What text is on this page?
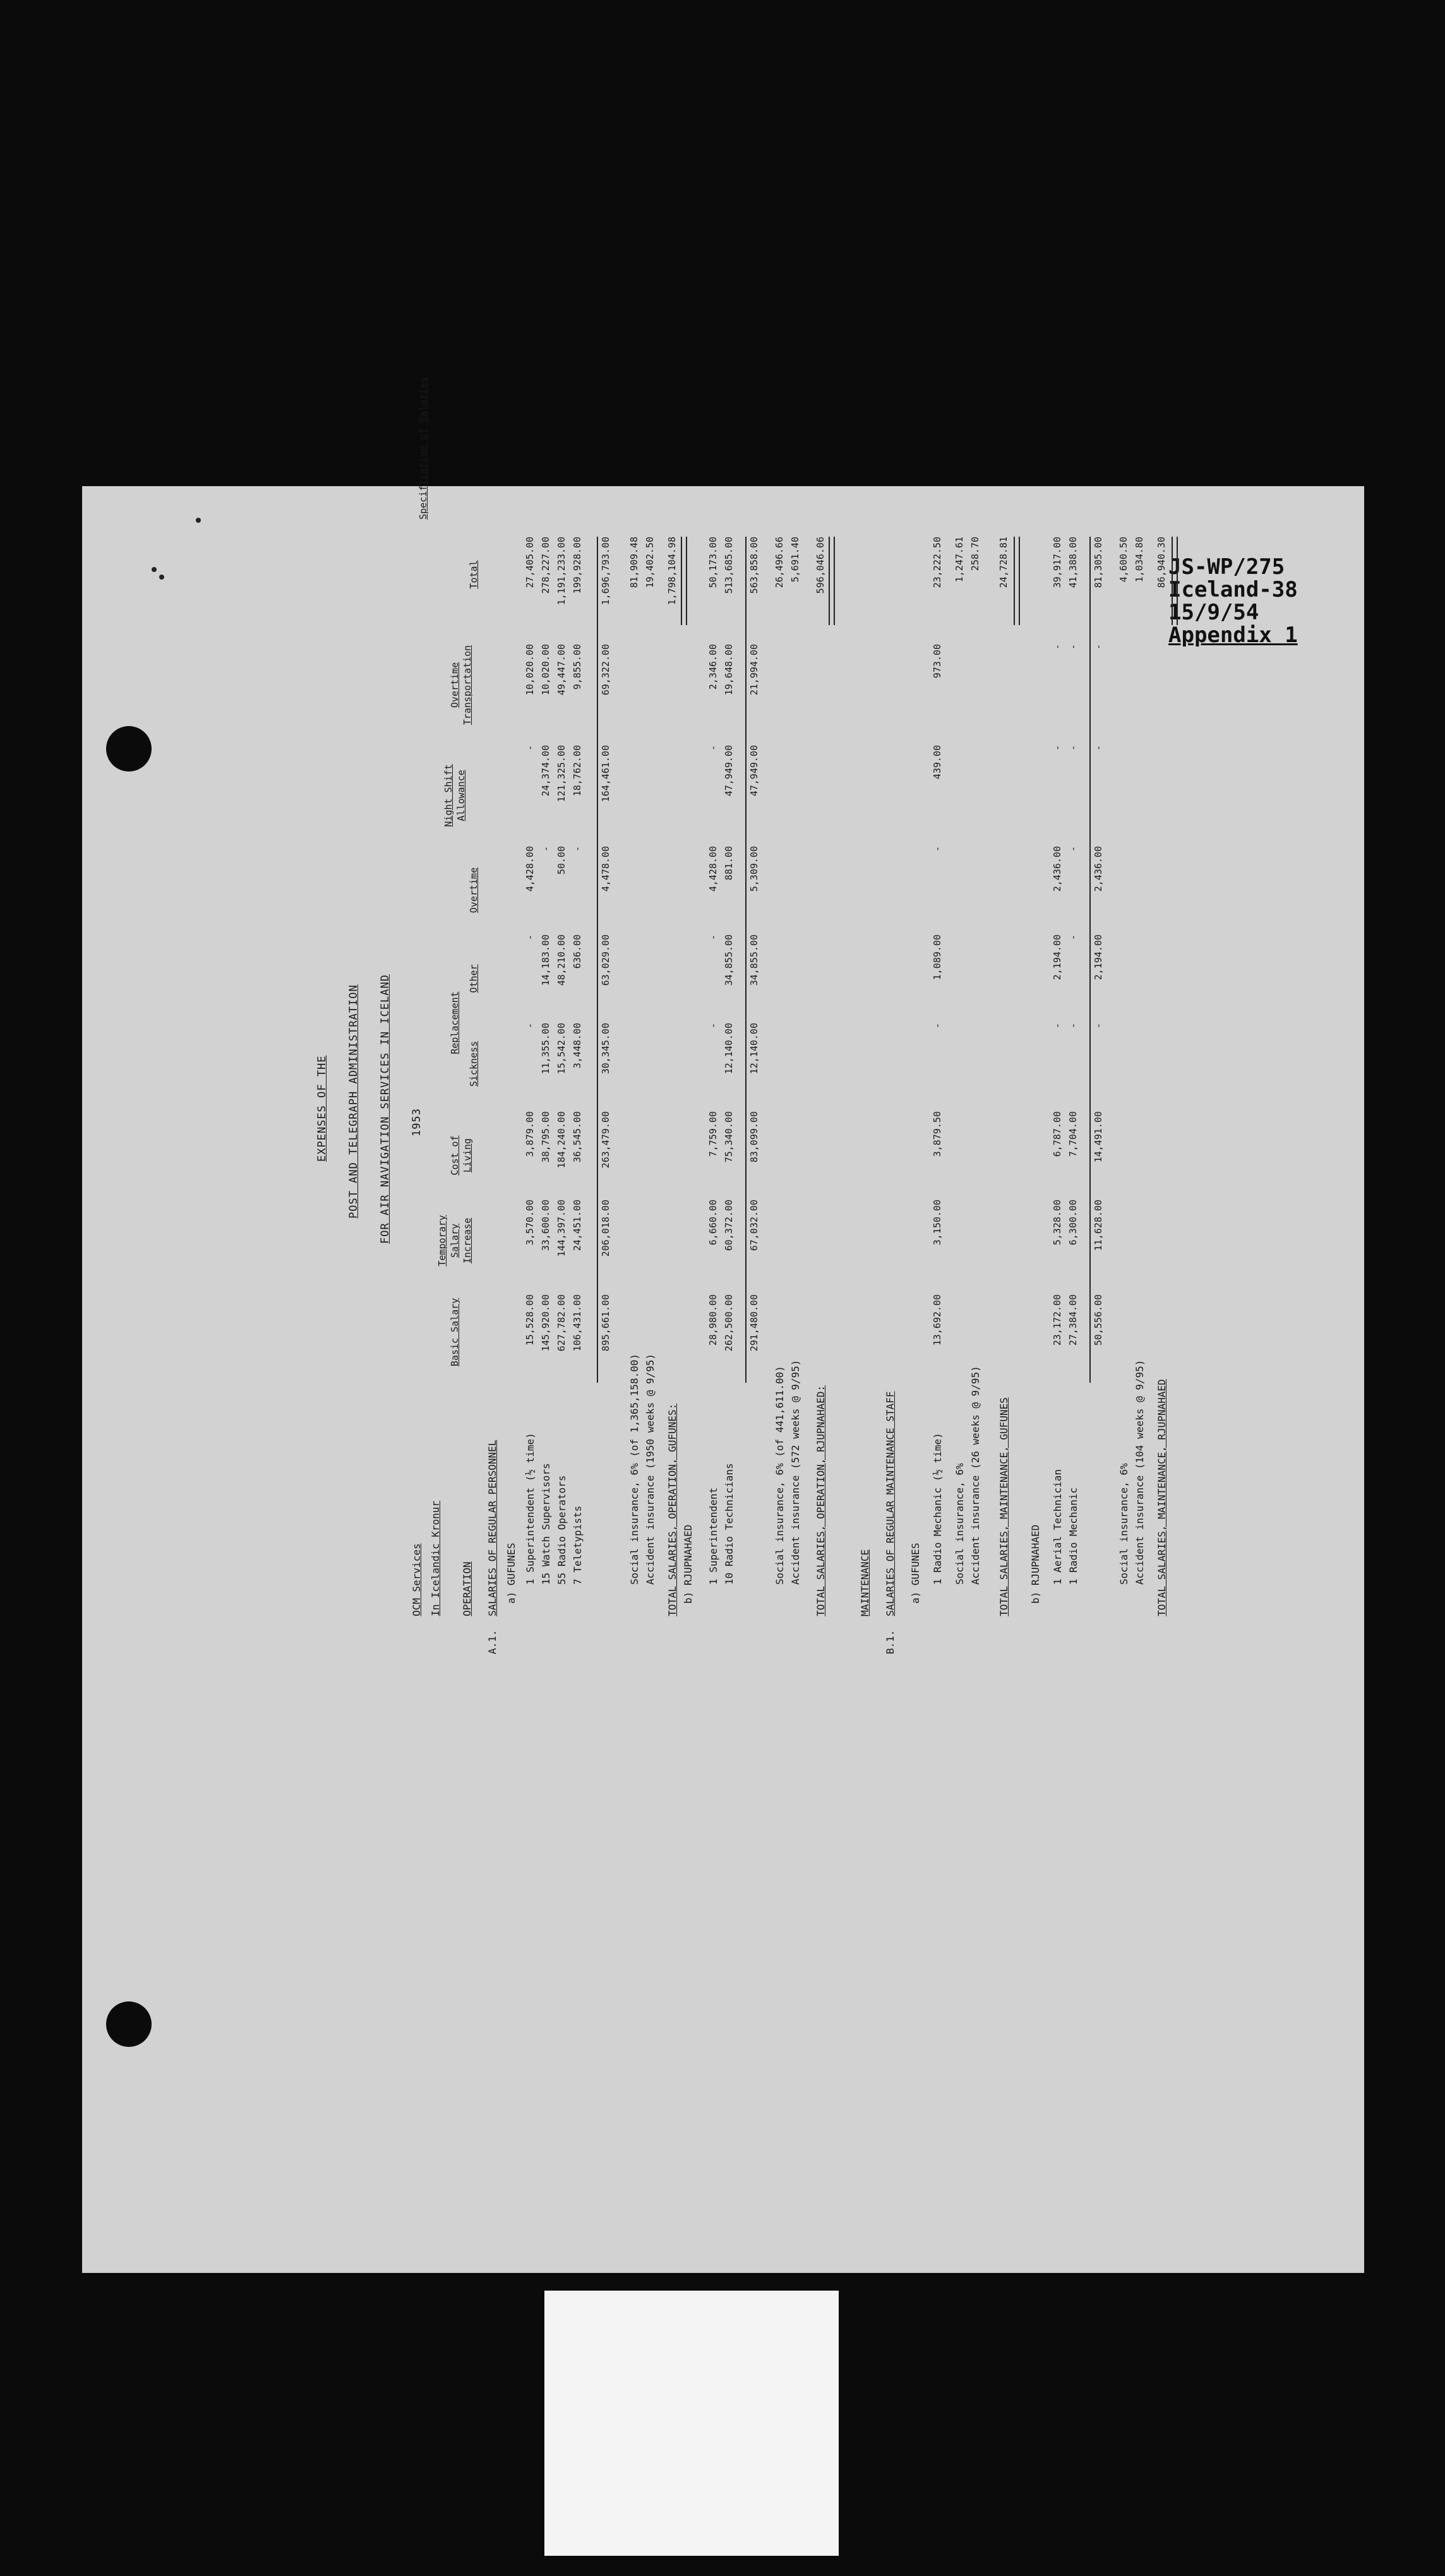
JS-WP/275
Iceland-38
15/9/54
Appendix 1
EXPENSES OF THE POST AND TELEGRAPH ADMINISTRATION FOR AIR NAVIGATION SERVICES IN ICELAND 1953
Specification of Salaries
Basic Salary
Temporary Salary Increase
Cost of Living
Replacement
Sickness
Other
Overtime
Night Shift Allowance
Overtime Transportation
Total
OCM Services In Icelandic Kronur OPERATION
A.1.
SALARIES OF REGULAR PERSONNEL a) GUFUNES 1 Superintendent (½ time)
15,528.00
3,570.00
3,879.00
-
-
4,428.00
-
10,020.00
27,405.00
15 Watch Supervisors
145,920.00
33,600.00
38,795.00
11,355.00
14,183.00
-
24,374.00
10,020.00
278,227.00
55 Radio Operators
627,782.00
144,397.00
184,240.00
15,542.00
48,210.00
50.00
121,325.00
49,447.00
1,191,233.00
7 Teletypists
106,431.00
24,451.00
36,545.00
3,448.00
636.00
-
18,762.00
9,855.00
199,928.00
895,661.00
206,018.00
263,479.00
30,345.00
63,029.00
4,478.00
164,461.00
69,322.00
1,696,793.00
Social insurance, 6% (of 1,365,158.00)
81,909.48
Accident insurance (1950 weeks @ 9/95)
19,402.50
TOTAL SALARIES, OPERATION, GUFUNES:
1,798,104.98
1 Superintendent
28,980.00
6,660.00
7,759.00
-
-
4,428.00
-
2,346.00
50,173.00
10 Radio Technicians
262,500.00
60,372.00
75,340.00
12,140.00
34,855.00
881.00
47,949.00
19,648.00
513,685.00
291,480.00
67,032.00
83,099.00
12,140.00
34,855.00
5,309.00
47,949.00
21,994.00
563,858.00
Social insurance, 6% (of 441,611.00)
26,496.66
Accident insurance (572 weeks @ 9/95)
5,691.40
TOTAL SALARIES, OPERATION, RJUPNAHAED:
596,046.06
a) GUFUNES 1 Radio Mechanic (½ time)
13,692.00
3,150.00
3,879.50
-
1,089.00
-
439.00
973.00
23,222.50
Social insurance, 6%
1,247.61
Accident insurance (26 weeks @ 9/95)
258.70
TOTAL SALARIES, MAINTENANCE, GUFUNES
24,728.81
b) RJUPNAHAED 1 Aerial Technician
23,172.00
5,328.00
6,787.00
-
2,194.00
2,436.00
-
-
39,917.00
1 Radio Mechanic
27,384.00
6,300.00
7,704.00
-
-
-
-
-
41,388.00
50,556.00
11,628.00
14,491.00
-
2,194.00
2,436.00
-
-
81,305.00
Social insurance, 6%
4,600.50
Accident insurance (104 weeks @ 9/95)
1,034.80
TOTAL SALARIES, MAINTENANCE, RJUPNAHAED
86,940.30
b) RJUPNAHAED	MAINTENANCE
B.1.
SALARIES OF REGULAR MAINTENANCE STAFF
